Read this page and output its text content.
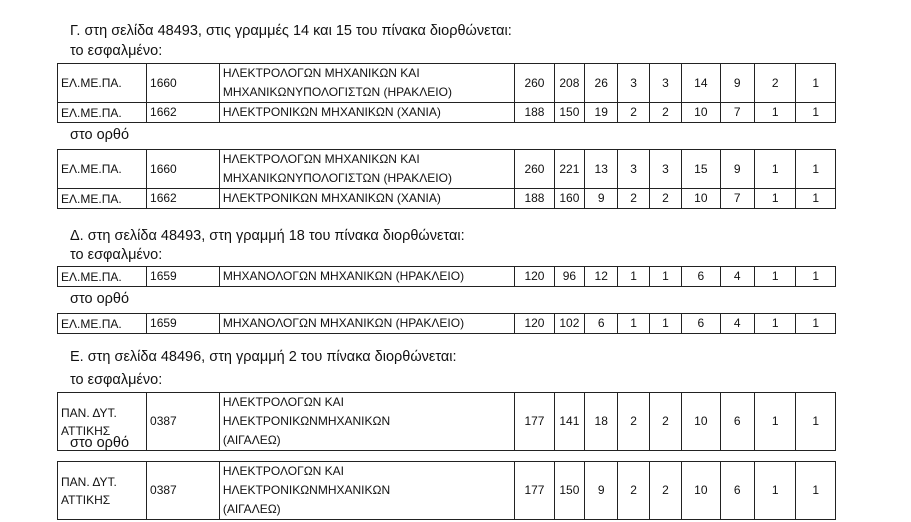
Γ. στη σελίδα 48493, στις γραμμές 14 και 15 του πίνακα διορθώνεται:
το εσφαλμένο:
ΕΛ.ΜΕ.ΠΑ.	1660	ΗΛΕΚΤΡΟΛΟΓΩΝ ΜΗΧΑΝΙΚΩΝ ΚΑΙ
ΜΗΧΑΝΙΚΩΝΥΠΟΛΟΓΙΣΤΩΝ (ΗΡΑΚΛΕΙΟ)	260	208	26	3	3	14	9	2	1
ΕΛ.ΜΕ.ΠΑ.	1662	ΗΛΕΚΤΡΟΝΙΚΩΝ ΜΗΧΑΝΙΚΩΝ (ΧΑΝΙΑ)	188	150	19	2	2	10	7	1	1
στο ορθό
ΕΛ.ΜΕ.ΠΑ.	1660	ΗΛΕΚΤΡΟΛΟΓΩΝ ΜΗΧΑΝΙΚΩΝ ΚΑΙ
ΜΗΧΑΝΙΚΩΝΥΠΟΛΟΓΙΣΤΩΝ (ΗΡΑΚΛΕΙΟ)	260	221	13	3	3	15	9	1	1
ΕΛ.ΜΕ.ΠΑ.	1662	ΗΛΕΚΤΡΟΝΙΚΩΝ ΜΗΧΑΝΙΚΩΝ (ΧΑΝΙΑ)	188	160	9	2	2	10	7	1	1
Δ. στη σελίδα 48493, στη γραμμή 18 του πίνακα διορθώνεται:
το εσφαλμένο:
ΕΛ.ΜΕ.ΠΑ.	1659	ΜΗΧΑΝΟΛΟΓΩΝ ΜΗΧΑΝΙΚΩΝ (ΗΡΑΚΛΕΙΟ)	120	96	12	1	1	6	4	1	1
στο ορθό
ΕΛ.ΜΕ.ΠΑ.	1659	ΜΗΧΑΝΟΛΟΓΩΝ ΜΗΧΑΝΙΚΩΝ (ΗΡΑΚΛΕΙΟ)	120	102	6	1	1	6	4	1	1
Ε. στη σελίδα 48496, στη γραμμή 2 του πίνακα διορθώνεται:
το εσφαλμένο:
ΠΑΝ. ΔΥΤ.
ΑΤΤΙΚΗΣ	0387	ΗΛΕΚΤΡΟΛΟΓΩΝ ΚΑΙ ΗΛΕΚΤΡΟΝΙΚΩΝΜΗΧΑΝΙΚΩΝ
(ΑΙΓΑΛΕΩ)	177	141	18	2	2	10	6	1	1
στο ορθό
ΠΑΝ. ΔΥΤ.
ΑΤΤΙΚΗΣ	0387	ΗΛΕΚΤΡΟΛΟΓΩΝ ΚΑΙ ΗΛΕΚΤΡΟΝΙΚΩΝΜΗΧΑΝΙΚΩΝ
(ΑΙΓΑΛΕΩ)	177	150	9	2	2	10	6	1	1
